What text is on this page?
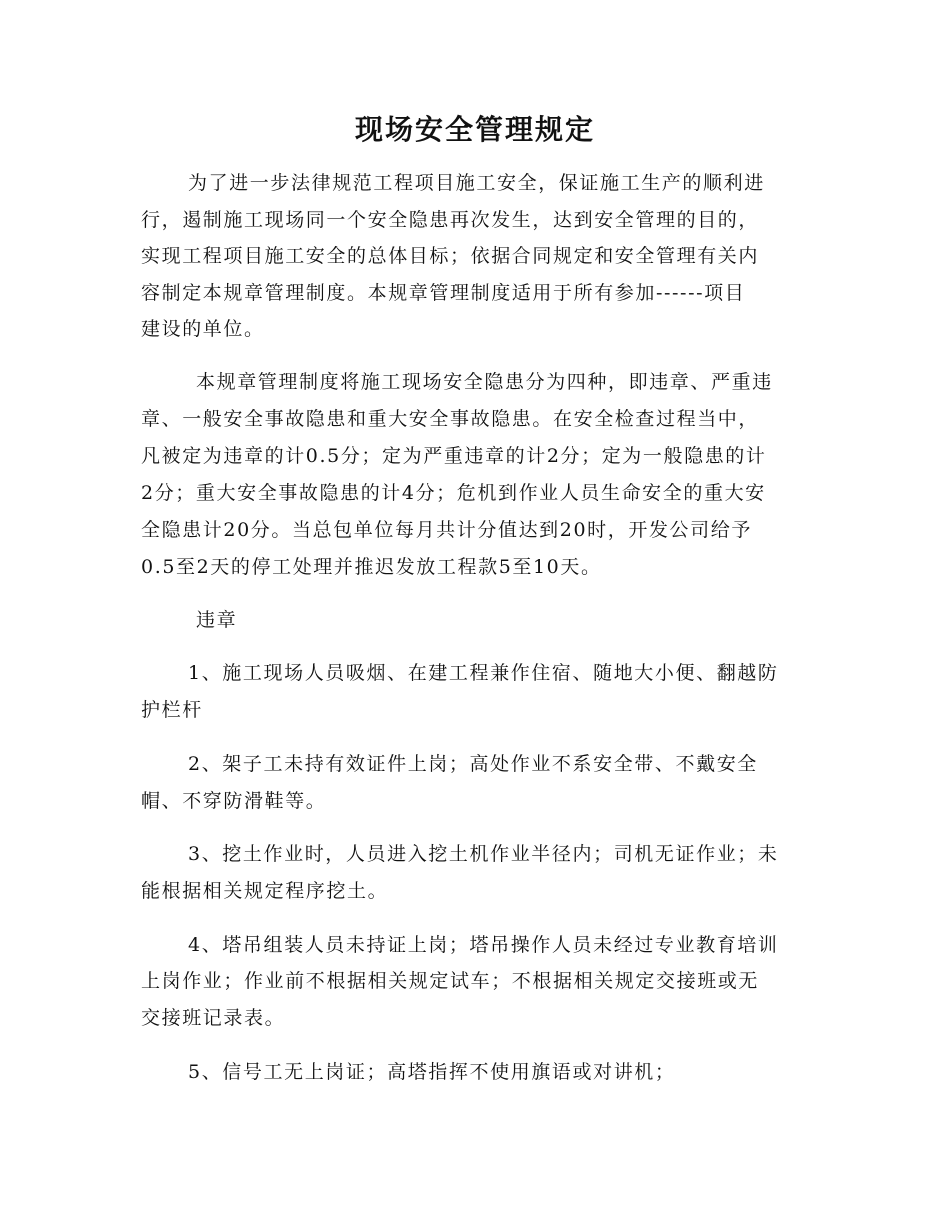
现场安全管理规定
为了进一步法律规范工程项目施工安全，保证施工生产的顺利进
行，遏制施工现场同一个安全隐患再次发生，达到安全管理的目的，
实现工程项目施工安全的总体目标；依据合同规定和安全管理有关内
容制定本规章管理制度。本规章管理制度适用于所有参加------项目
建设的单位。
本规章管理制度将施工现场安全隐患分为四种，即违章、严重违
章、一般安全事故隐患和重大安全事故隐患。在安全检查过程当中，
凡被定为违章的计0.5分；定为严重违章的计2分；定为一般隐患的计
2分；重大安全事故隐患的计4分；危机到作业人员生命安全的重大安
全隐患计20分。当总包单位每月共计分值达到20时，开发公司给予
0.5至2天的停工处理并推迟发放工程款5至10天。
违章
1、施工现场人员吸烟、在建工程兼作住宿、随地大小便、翻越防
护栏杆
2、架子工未持有效证件上岗；高处作业不系安全带、不戴安全
帽、不穿防滑鞋等。
3、挖土作业时，人员进入挖土机作业半径内；司机无证作业；未
能根据相关规定程序挖土。
4、塔吊组装人员未持证上岗；塔吊操作人员未经过专业教育培训
上岗作业；作业前不根据相关规定试车；不根据相关规定交接班或无
交接班记录表。
5、信号工无上岗证；高塔指挥不使用旗语或对讲机；
